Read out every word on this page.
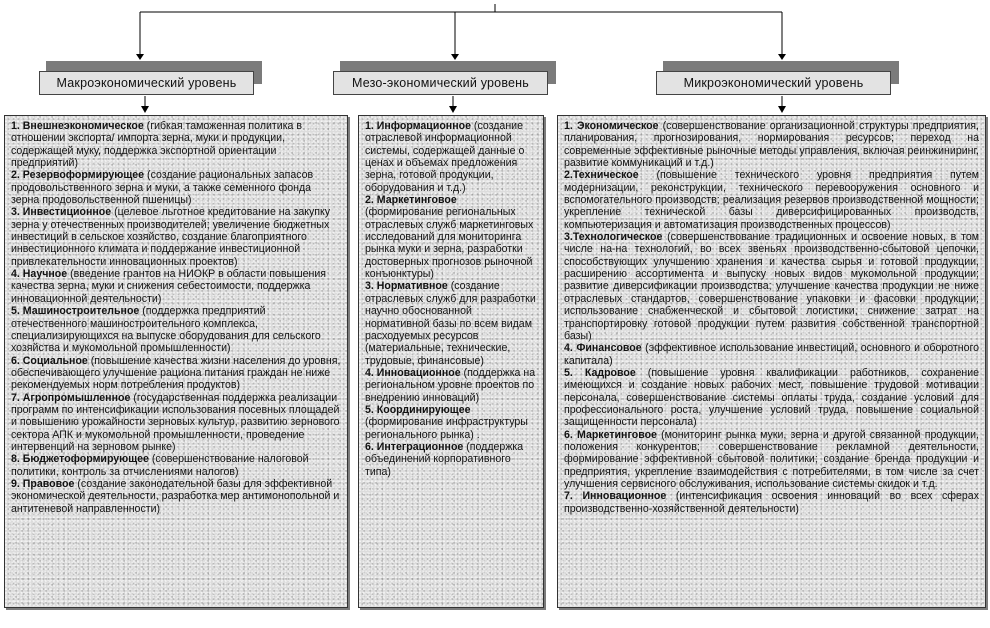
Макроэкономический уровень	Мезо-экономический уровень	Микроэкономический уровень

1. Внешнеэкономическое (гибкая таможенная политика в отношении экспорта/ импорта зерна, муки и продукции, содержащей муку, поддержка экспортной ориентации предприятий)

2. Резервоформирующее (создание рациональных запасов продовольственного зерна и муки, а также семенного фонда зерна продовольственной пшеницы)

3. Инвестиционное (целевое льготное кредитование на закупку зерна у отечественных производителей; увеличение бюджетных инвестиций в сельское хозяйство, создание благоприятного инвестиционного климата и поддержание инвестиционной привлекательности инновационных проектов)

4. Научное (введение грантов на НИОКР в области повышения качества зерна, муки и снижения себестоимости, поддержка инновационной деятельности)

5. Машиностроительное (поддержка предприятий отечественного машиностроительного комплекса, специализирующихся на выпуске оборудования для сельского хозяйства и мукомольной промышленности)

6. Социальное (повышение качества жизни населения до уровня, обеспечивающего улучшение рациона питания граждан не ниже рекомендуемых норм потребления продуктов)

7. Агропромышленное (государственная поддержка реализации программ по интенсификации использования посевных площадей и повышению урожайности зерновых культур, развитию зернового сектора АПК и мукомольной промышленности, проведение интервенций на зерновом рынке)

8. Бюджетоформирующее (совершенствование налоговой политики, контроль за отчислениями налогов)

9. Правовое (создание законодательной базы для эффективной экономической деятельности, разработка мер антимонопольной и антитеневой направленности)

1. Информационное (создание отраслевой информационной системы, содержащей данные о ценах и объемах предложения зерна, готовой продукции, оборудования и т.д.)

2. Маркетинговое (формирование региональных отраслевых служб маркетинговых исследований для мониторинга рынка муки и зерна, разработки достоверных прогнозов рыночной конъюнктуры)

3. Нормативное (создание отраслевых служб для разработки научно обоснованной нормативной базы по всем видам расходуемых ресурсов (материальные, технические, трудовые, финансовые)

4. Инновационное (поддержка на региональном уровне проектов по внедрению инноваций)

5. Координирующее (формирование инфраструктуры регионального рынка) .

6. Интеграционное (поддержка объединений корпоративного типа)

1. Экономическое (совершенствование организационной структуры предприятия, планирования, прогнозирования, нормирования ресурсов; переход на современные эффективные рыночные методы управления, включая реинжиниринг, развитие коммуникаций и т.д.)

2.Техническое (повышение технического уровня предприятия путем модернизации, реконструкции, технического перевооружения основного и вспомогательного производств; реализация резервов производственной мощности; укрепление технической базы диверсифицированных производств, компьютеризация и автоматизация производственных процессов)

3.Технологическое (совершенствование традиционных и освоение новых, в том числе на-на технологий, во всех звеньях производственно-сбытовой цепочки, способствующих улучшению хранения и качества сырья и готовой продукции, расширению ассортимента и выпуску новых видов мукомольной продукции; развитие диверсификации производства; улучшение качества продукции не ниже отраслевых стандартов, совершенствование упаковки и фасовки продукции; использование снабженческой и сбытовой логистики, снижение затрат на транспортировку готовой продукции путем развития собственной транспортной базы)

4. Финансовое (эффективное использование инвестиций, основного и оборотного капитала)

5. Кадровое (повышение уровня квалификации работников, сохранение имеющихся и создание новых рабочих мест, повышение трудовой мотивации персонала, совершенствование системы оплаты труда, создание условий для профессионального роста, улучшение условий труда, повышение социальной защищенности персонала)

6. Маркетинговое (мониторинг рынка муки, зерна и другой связанной продукции, положения конкурентов; совершенствование рекламной деятельности, формирование эффективной сбытовой политики; создание бренда продукции и предприятия, укрепление взаимодействия с потребителями, в том числе за счет улучшения сервисного обслуживания, использование системы скидок и т.д.

7. Инновационное (интенсификация освоения инноваций во всех сферах производственно-хозяйственной деятельности)
